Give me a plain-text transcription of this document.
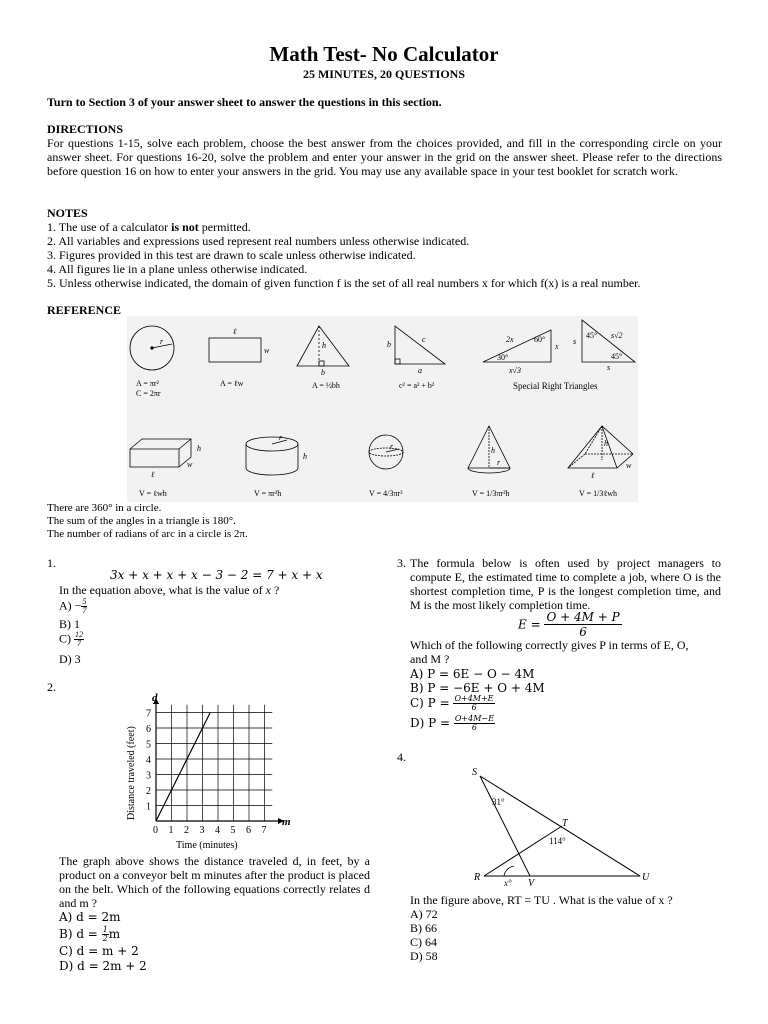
Math Test- No Calculator
25 MINUTES, 20 QUESTIONS
Turn to Section 3 of your answer sheet to answer the questions in this section.
DIRECTIONS
For questions 1-15, solve each problem, choose the best answer from the choices provided, and fill in the corresponding circle on your answer sheet. For questions 16-20, solve the problem and enter your answer in the grid on the answer sheet. Please refer to the directions before question 16 on how to enter your answers in the grid. You may use any available space in your test booklet for scratch work.
NOTES
1. The use of a calculator is not permitted.
2. All variables and expressions used represent real numbers unless otherwise indicated.
3. Figures provided in this test are drawn to scale unless otherwise indicated.
4. All figures lie in a plane unless otherwise indicated.
5. Unless otherwise indicated, the domain of given function f is the set of all real numbers x for which f(x) is a real number.
REFERENCE
r
A = πr²
C = 2πr
ℓ
w
A = ℓw
h
b
A = ½bh
b
c
a
c² = a² + b²
2x	60°
30°
x
x√3
45°
45°
s
s
s√2
Special Right Triangles
h
w
ℓ
V = ℓwh
r
h
V = πr²h
r
V = 4/3πr³
h
r
V = 1/3πr²h
h
w
ℓ
V = 1/3ℓwh
There are 360° in a circle.
The sum of the angles in a triangle is 180°.
The number of radians of arc in a circle is 2π.
1.
3x + x + x + x − 3 − 2 = 7 + x + x
In the equation above, what is the value of x ?
$A) - \frac{5}{7}$
B) 1
$C) \frac{12}{7}$
D) 3
2.
0 1 2 3 4 5 6 7
1
2
3
4
5
6
7
d
m
Distance traveled (feet)
Time (minutes)
The graph above shows the distance traveled d, in feet, by a product on a conveyor belt m minutes after the product is placed on the belt. Which of the following equations correctly relates d and m ?
A) d = 2m
B) $d = \frac{1}{2}$ m
C) d = m + 2
D) d = 2m + 2
3. The formula below is often used by project managers to compute E, the estimated time to complete a job, where O is the shortest completion time, P is the longest completion time, and M is the most likely completion time.
$E = \frac{O + 4M + P}{6}$
Which of the following correctly gives P in terms of E, O, and M ?
A) P = 6E − O − 4M
B) P = −6E + O + 4M
C) $P = \frac{O+4M+E}{6}$
D) $P = \frac{O+4M-E}{6}$
4.
S
T
R
V
U
31°
114°
x°
In the figure above, RT = TU . What is the value of x ?
A) 72
B) 66
C) 64
D) 58
